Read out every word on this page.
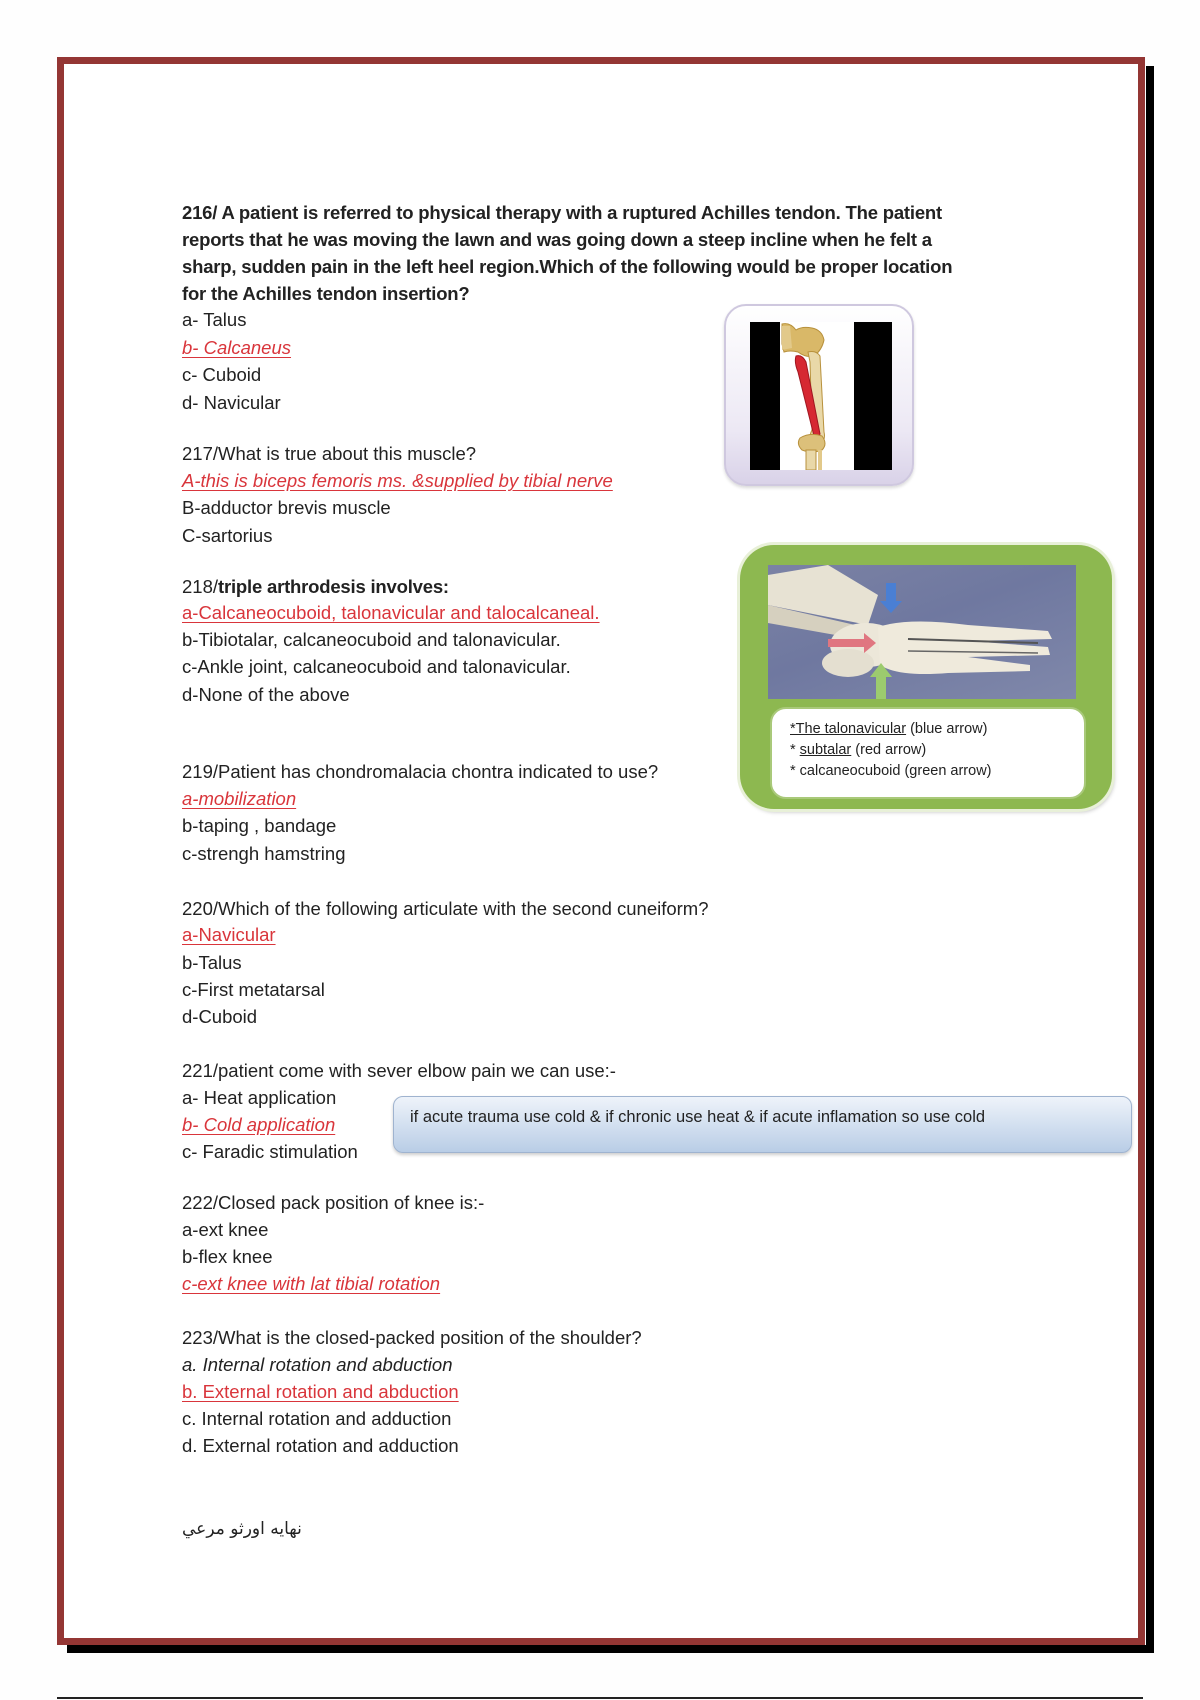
216/ A patient is referred to physical therapy with a ruptured Achilles tendon. The patient
reports that he was moving the lawn and was going down a steep incline when he felt a
sharp, sudden pain in the left heel region.Which of the following would be proper location
for the Achilles tendon insertion?
a- Talus
b- Calcaneus
c- Cuboid
d- Navicular
217/What is true about this muscle?
A-this is biceps femoris ms. &supplied by tibial nerve
B-adductor brevis muscle
C-sartorius
218/triple arthrodesis involves:
a-Calcaneocuboid, talonavicular and talocalcaneal.
b-Tibiotalar, calcaneocuboid and talonavicular.
c-Ankle joint, calcaneocuboid and talonavicular.
d-None of the above
*The talonavicular (blue arrow)
* subtalar (red arrow)
* calcaneocuboid (green arrow)
219/Patient has chondromalacia chontra indicated to use?
a-mobilization
b-taping , bandage
c-strengh hamstring
220/Which of the following articulate with the second cuneiform?
a-Navicular
b-Talus
c-First metatarsal
d-Cuboid
221/patient come with sever elbow pain we can use:-
a- Heat application
b- Cold application
c- Faradic stimulation
if acute trauma use cold & if chronic use heat & if acute inflamation so use cold
222/Closed pack position of knee is:-
a-ext knee
b-flex knee
c-ext knee with lat tibial rotation
223/What is the closed-packed position of the shoulder?
a. Internal rotation and abduction
b. External rotation and abduction
c. Internal rotation and adduction
d. External rotation and adduction
نهايه اورثو مرعي
